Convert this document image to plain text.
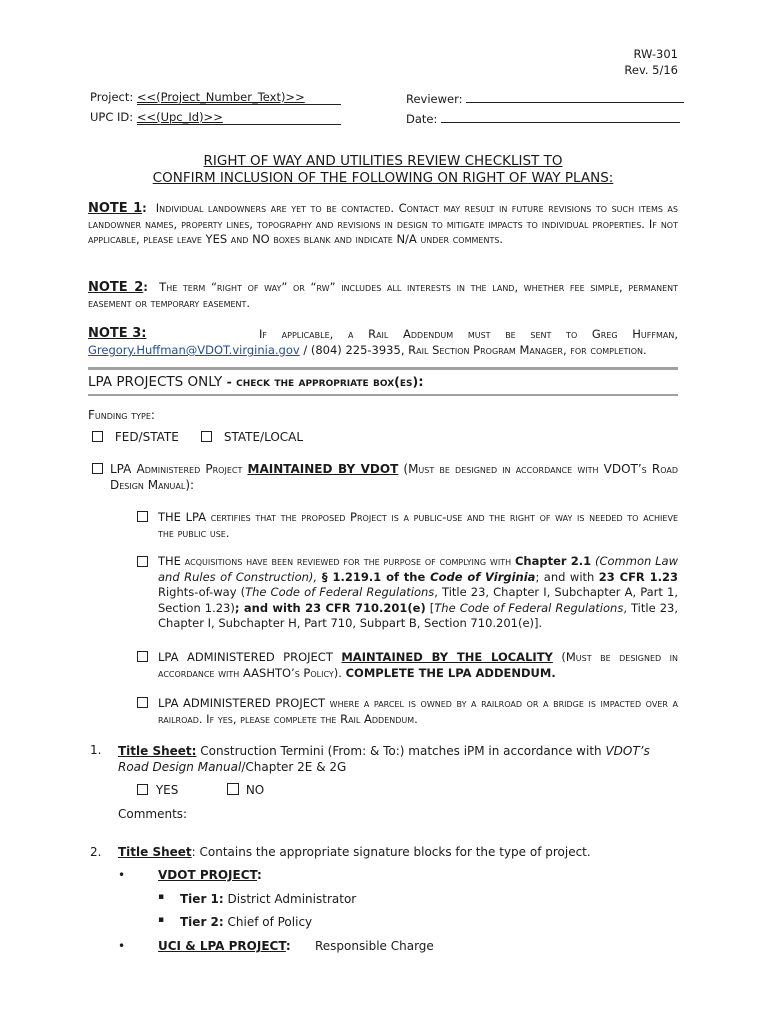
RW-301
Rev. 5/16
Project: <<(Project_Number_Text)>>	Reviewer:
UPC ID: <<(Upc_Id)>>	Date:
RIGHT OF WAY AND UTILITIES REVIEW CHECKLIST TO
CONFIRM INCLUSION OF THE FOLLOWING ON RIGHT OF WAY PLANS:
NOTE 1: Individual landowners are yet to be contacted. Contact may result in future revisions to such items as landowner names, property lines, topography and revisions in design to mitigate impacts to individual properties. If not applicable, please leave YES and NO boxes blank and indicate N/A under comments.
NOTE 2: The term “right of way” or “rw” includes all interests in the land, whether fee simple, permanent easement or temporary easement.
NOTE 3:	If applicable, a Rail Addendum must be sent to Greg Huffman,
Gregory.Huffman@VDOT.virginia.gov / (804) 225-3935, Rail Section Program Manager, for completion.
LPA PROJECTS ONLY - check the appropriate box(es):
Funding type:
FED/STATE	STATE/LOCAL
LPA Administered Project MAINTAINED BY VDOT (Must be designed in accordance with VDOT’s Road Design Manual):
THE LPA certifies that the proposed Project is a public-use and the right of way is needed to achieve the public use.
THE acquisitions have been reviewed for the purpose of complying with Chapter 2.1 (Common Law and Rules of Construction), § 1.219.1 of the Code of Virginia; and with 23 CFR 1.23 Rights-of-way (The Code of Federal Regulations, Title 23, Chapter I, Subchapter A, Part 1, Section 1.23); and with 23 CFR 710.201(e) [The Code of Federal Regulations, Title 23, Chapter I, Subchapter H, Part 710, Subpart B, Section 710.201(e)].
LPA ADMINISTERED PROJECT MAINTAINED BY THE LOCALITY (Must be designed in accordance with AASHTO’s Policy). COMPLETE THE LPA ADDENDUM.
LPA ADMINISTERED PROJECT where a parcel is owned by a railroad or a bridge is impacted over a railroad. If yes, please complete the Rail Addendum.
1. Title Sheet: Construction Termini (From: & To:) matches iPM in accordance with VDOT’s Road Design Manual/Chapter 2E & 2G
YES	NO
Comments:
2. Title Sheet: Contains the appropriate signature blocks for the type of project.
•	VDOT PROJECT:
▪ Tier 1: District Administrator
▪ Tier 2: Chief of Policy
•	UCI & LPA PROJECT: Responsible Charge
